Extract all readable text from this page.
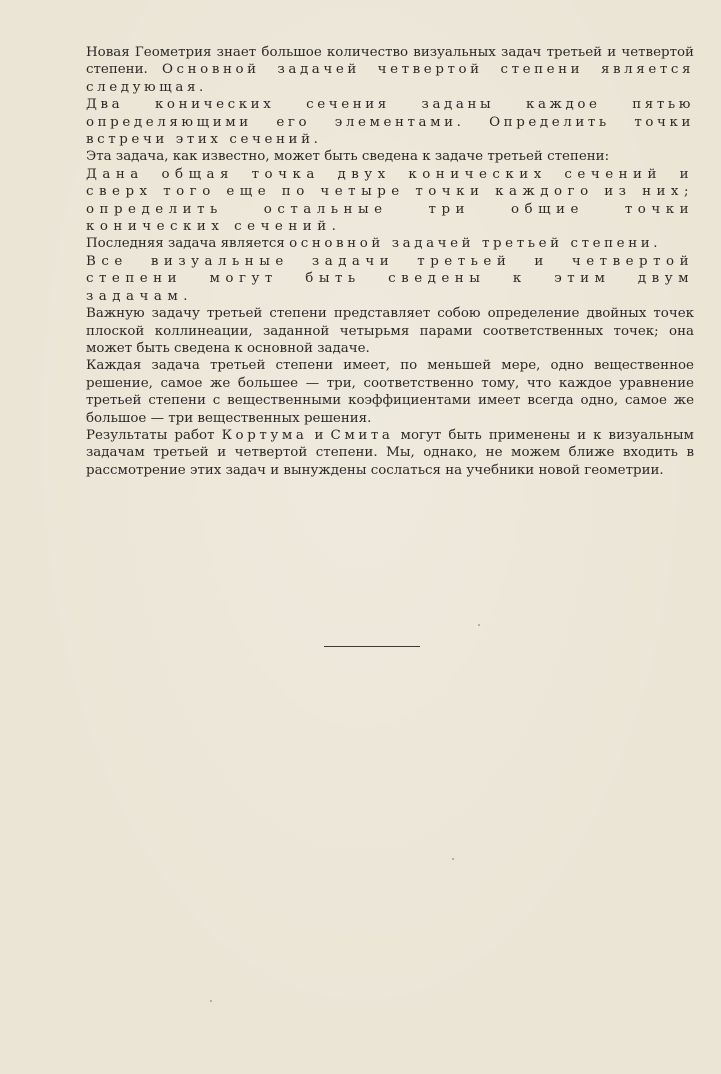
Новая Геометрия знает большое количество визуальных задач третьей и четвертой степени. Основной задачей четвертой степени является следующая.

Два конических сечения заданы каждое пятью определяющими его элементами. Определить точки встречи этих сечений.

Эта задача, как известно, может быть сведена к задаче третьей степени:

Дана общая точка двух конических сечений и сверх того еще по четыре точки каждого из них; определить остальные три общие точки конических сечений.

Последняя задача является основной задачей третьей степени.

Все визуальные задачи третьей и четвертой степени могут быть сведены к этим двум задачам.

Важную задачу третьей степени представляет собою определение двойных точек плоской коллинеации, заданной четырьмя парами соответственных точек; она может быть сведена к основной задаче.

Каждая задача третьей степени имеет, по меньшей мере, одно вещественное решение, самое же большее — три, соответственно тому, что каждое уравнение третьей степени с вещественными коэффициентами имеет всегда одно, самое же большое — три вещественных решения.

Результаты работ Кортума и Смита могут быть применены и к визуальным задачам третьей и четвертой степени. Мы, однако, не можем ближе входить в рассмотрение этих задач и вынуждены сослаться на учебники новой геометрии.
